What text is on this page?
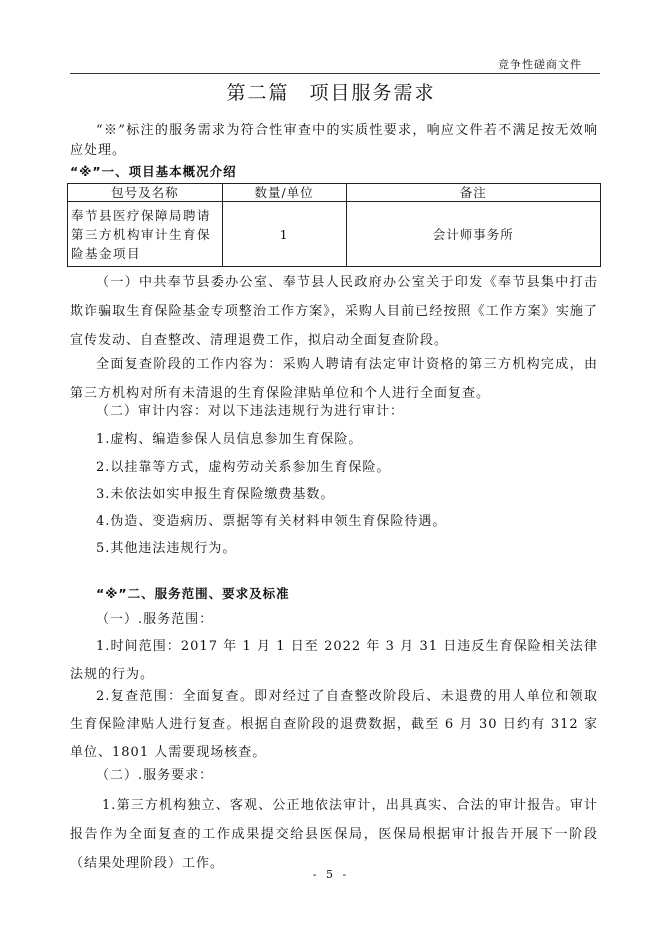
竞争性磋商文件
第二篇 项目服务需求
“※”标注的服务需求为符合性审查中的实质性要求，响应文件若不满足按无效响应处理。
“※”一、项目基本概况介绍
包号及名称	数量/单位	备注
奉节县医疗保障局聘请第三方机构审计生育保险基金项目	1	会计师事务所
（一）中共奉节县委办公室、奉节县人民政府办公室关于印发《奉节县集中打击欺诈骗取生育保险基金专项整治工作方案》，采购人目前已经按照《工作方案》实施了宣传发动、自查整改、清理退费工作，拟启动全面复查阶段。
全面复查阶段的工作内容为：采购人聘请有法定审计资格的第三方机构完成，由第三方机构对所有未清退的生育保险津贴单位和个人进行全面复查。
（二）审计内容：对以下违法违规行为进行审计：
1.虚构、编造参保人员信息参加生育保险。
2.以挂靠等方式，虚构劳动关系参加生育保险。
3.未依法如实申报生育保险缴费基数。
4.伪造、变造病历、票据等有关材料申领生育保险待遇。
5.其他违法违规行为。
“※”二、服务范围、要求及标准
（一）.服务范围：
1.时间范围：2017 年 1 月 1 日至 2022 年 3 月 31 日违反生育保险相关法律法规的行为。
2.复查范围：全面复查。即对经过了自查整改阶段后、未退费的用人单位和领取生育保险津贴人进行复查。根据自查阶段的退费数据，截至 6 月 30 日约有 312 家单位、1801 人需要现场核查。
（二）.服务要求：
1.第三方机构独立、客观、公正地依法审计，出具真实、合法的审计报告。审计报告作为全面复查的工作成果提交给县医保局，医保局根据审计报告开展下一阶段（结果处理阶段）工作。
- 5 -
